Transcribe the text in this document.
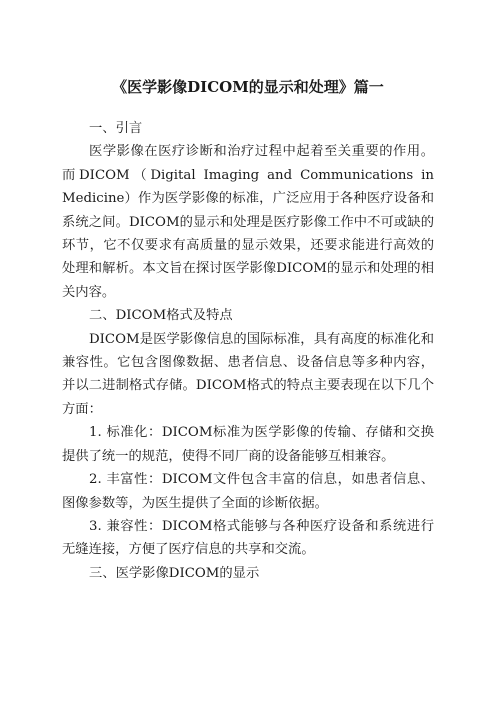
《医学影像DICOM的显示和处理》篇一

一、引言

医学影像在医疗诊断和治疗过程中起着至关重要的作用。而DICOM（Digital Imaging and Communications in Medicine）作为医学影像的标准，广泛应用于各种医疗设备和系统之间。DICOM的显示和处理是医疗影像工作中不可或缺的环节，它不仅要求有高质量的显示效果，还要求能进行高效的处理和解析。本文旨在探讨医学影像DICOM的显示和处理的相关内容。

二、DICOM格式及特点

DICOM是医学影像信息的国际标准，具有高度的标准化和兼容性。它包含图像数据、患者信息、设备信息等多种内容，并以二进制格式存储。DICOM格式的特点主要表现在以下几个方面：

1. 标准化：DICOM标准为医学影像的传输、存储和交换提供了统一的规范，使得不同厂商的设备能够互相兼容。

2. 丰富性：DICOM文件包含丰富的信息，如患者信息、图像参数等，为医生提供了全面的诊断依据。

3. 兼容性：DICOM格式能够与各种医疗设备和系统进行无缝连接，方便了医疗信息的共享和交流。

三、医学影像DICOM的显示
